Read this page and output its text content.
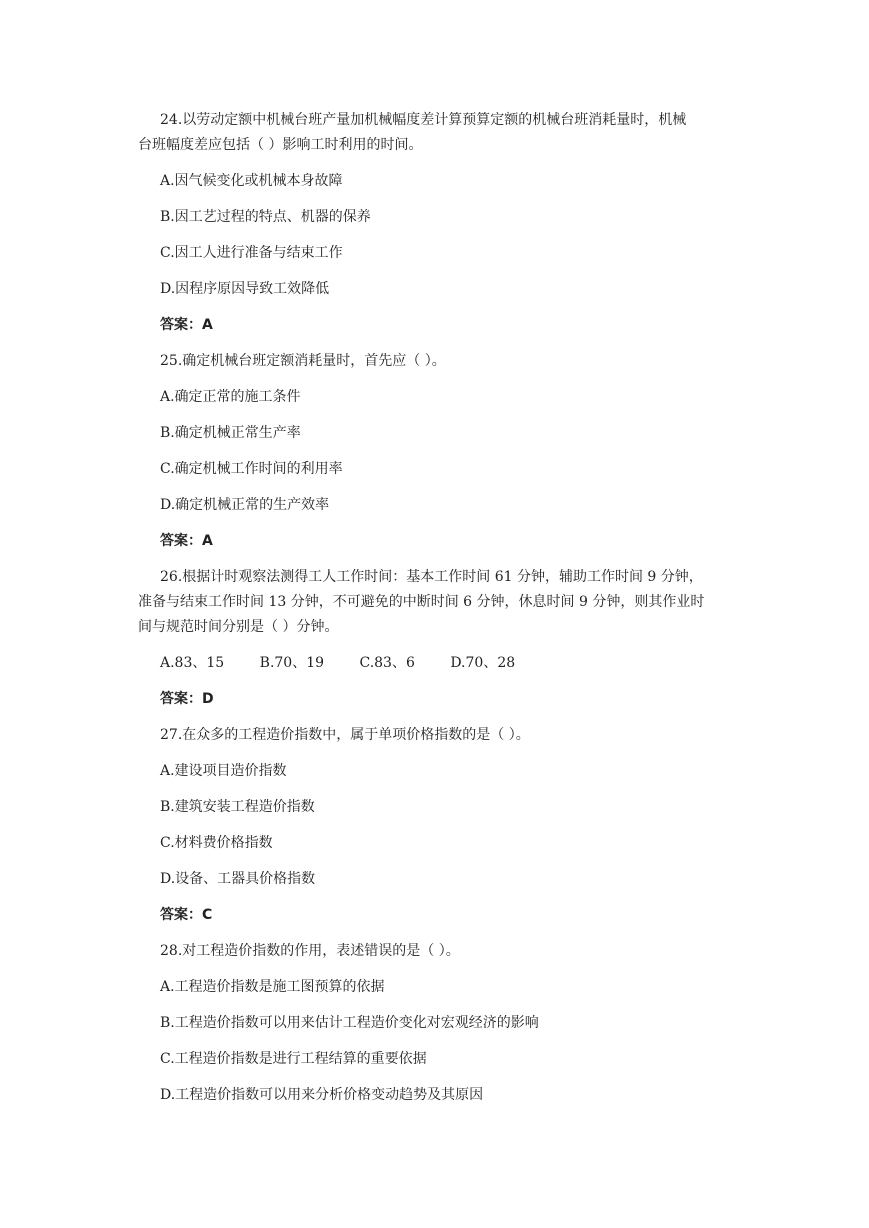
24.以劳动定额中机械台班产量加机械幅度差计算预算定额的机械台班消耗量时，机械
台班幅度差应包括（ ）影响工时利用的时间。
A.因气候变化或机械本身故障
B.因工艺过程的特点、机器的保养
C.因工人进行准备与结束工作
D.因程序原因导致工效降低
答案：A
25.确定机械台班定额消耗量时，首先应（ ）。
A.确定正常的施工条件
B.确定机械正常生产率
C.确定机械工作时间的利用率
D.确定机械正常的生产效率
答案：A
26.根据计时观察法测得工人工作时间：基本工作时间 61 分钟，辅助工作时间 9 分钟，
准备与结束工作时间 13 分钟，不可避免的中断时间 6 分钟，休息时间 9 分钟，则其作业时
间与规范时间分别是（ ）分钟。
A.83、15	B.70、19	C.83、6	D.70、28
答案：D
27.在众多的工程造价指数中，属于单项价格指数的是（ ）。
A.建设项目造价指数
B.建筑安装工程造价指数
C.材料费价格指数
D.设备、工器具价格指数
答案：C
28.对工程造价指数的作用，表述错误的是（ ）。
A.工程造价指数是施工图预算的依据
B.工程造价指数可以用来估计工程造价变化对宏观经济的影响
C.工程造价指数是进行工程结算的重要依据
D.工程造价指数可以用来分析价格变动趋势及其原因
